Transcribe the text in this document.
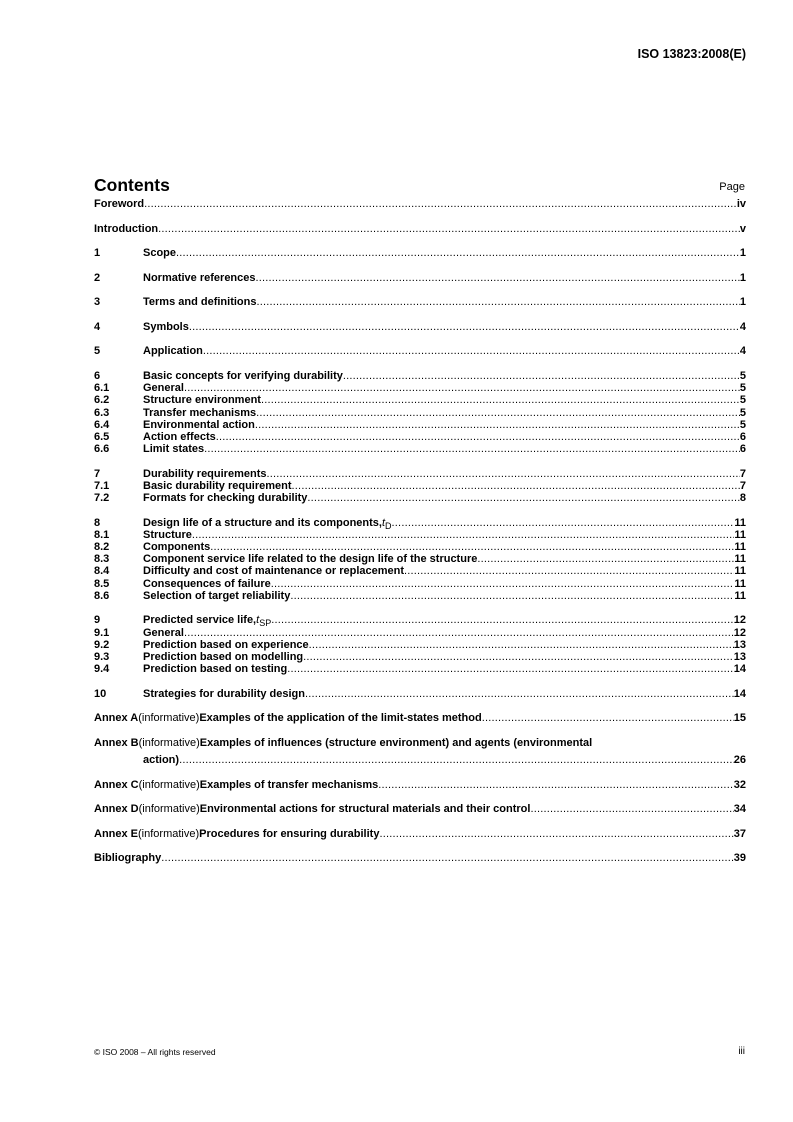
ISO 13823:2008(E)
Contents	Page
Foreword .....	iv
Introduction .....	v
1	Scope .....	1
2	Normative references .....	1
3	Terms and definitions .....	1
4	Symbols .....	4
5	Application .....	4
6	Basic concepts for verifying durability .....	5
6.1	General .....	5
6.2	Structure environment .....	5
6.3	Transfer mechanisms .....	5
6.4	Environmental action .....	5
6.5	Action effects .....	6
6.6	Limit states .....	6
7	Durability requirements .....	7
7.1	Basic durability requirement .....	7
7.2	Formats for checking durability .....	8
8	Design life of a structure and its components, $t_D$ .....	11
8.1	Structure .....	11
8.2	Components .....	11
8.3	Component service life related to the design life of the structure .....	11
8.4	Difficulty and cost of maintenance or replacement .....	11
8.5	Consequences of failure .....	11
8.6	Selection of target reliability .....	11
9	Predicted service life, $t_{SP}$ .....	12
9.1	General .....	12
9.2	Prediction based on experience .....	13
9.3	Prediction based on modelling .....	13
9.4	Prediction based on testing .....	14
10	Strategies for durability design .....	14
Annex A (informative) Examples of the application of the limit-states method .....	15
Annex B (informative) Examples of influences (structure environment) and agents (environmental
action) .....	26
Annex C (informative) Examples of transfer mechanisms .....	32
Annex D (informative) Environmental actions for structural materials and their control .....	34
Annex E (informative) Procedures for ensuring durability .....	37
Bibliography .....	39
© ISO 2008 – All rights reserved	iii
